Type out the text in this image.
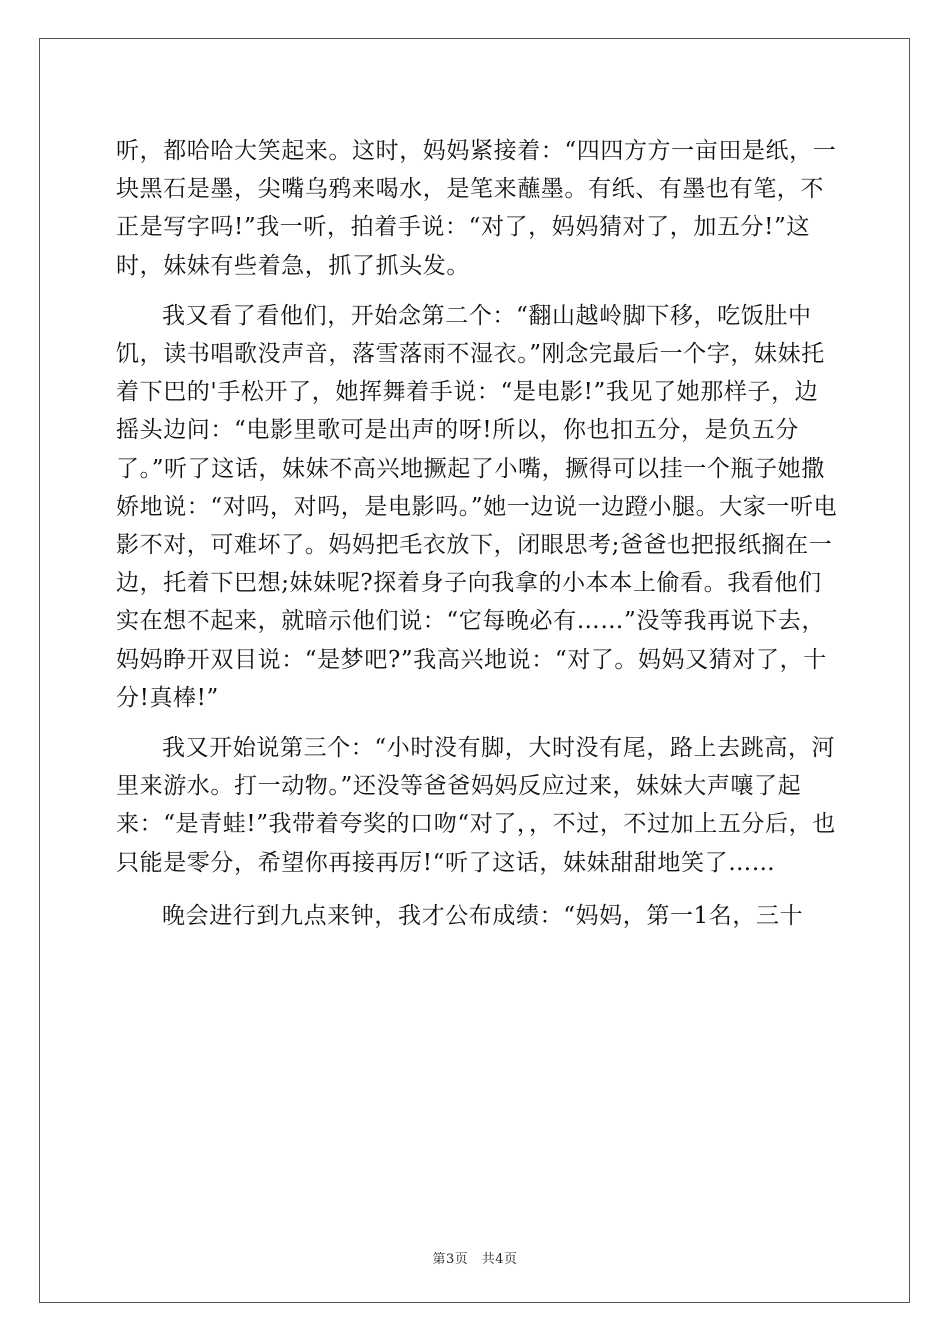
听，都哈哈大笑起来。这时，妈妈紧接着：“四四方方一亩田是纸，一块黑石是墨，尖嘴乌鸦来喝水，是笔来蘸墨。有纸、有墨也有笔，不正是写字吗!”我一听，拍着手说：“对了，妈妈猜对了，加五分!”这时，妹妹有些着急，抓了抓头发。

我又看了看他们，开始念第二个：“翻山越岭脚下移，吃饭肚中饥，读书唱歌没声音，落雪落雨不湿衣。”刚念完最后一个字，妹妹托着下巴的'手松开了，她挥舞着手说：“是电影!”我见了她那样子，边摇头边问：“电影里歌可是出声的呀!所以，你也扣五分，是负五分了。”听了这话，妹妹不高兴地撅起了小嘴，撅得可以挂一个瓶子她撒娇地说：“对吗，对吗，是电影吗。”她一边说一边蹬小腿。大家一听电影不对，可难坏了。妈妈把毛衣放下，闭眼思考;爸爸也把报纸搁在一边，托着下巴想;妹妹呢?探着身子向我拿的小本本上偷看。我看他们实在想不起来，就暗示他们说：“它每晚必有……”没等我再说下去，妈妈睁开双目说：“是梦吧?”我高兴地说：“对了。妈妈又猜对了，十分!真棒!”

我又开始说第三个：“小时没有脚，大时没有尾，路上去跳高，河里来游水。打一动物。”还没等爸爸妈妈反应过来，妹妹大声嚷了起来：“是青蛙!”我带着夸奖的口吻“对了，，不过，不过加上五分后，也只能是零分，希望你再接再厉!“听了这话，妹妹甜甜地笑了……

晚会进行到九点来钟，我才公布成绩：“妈妈，第一1名，三十

第3页　共4页
